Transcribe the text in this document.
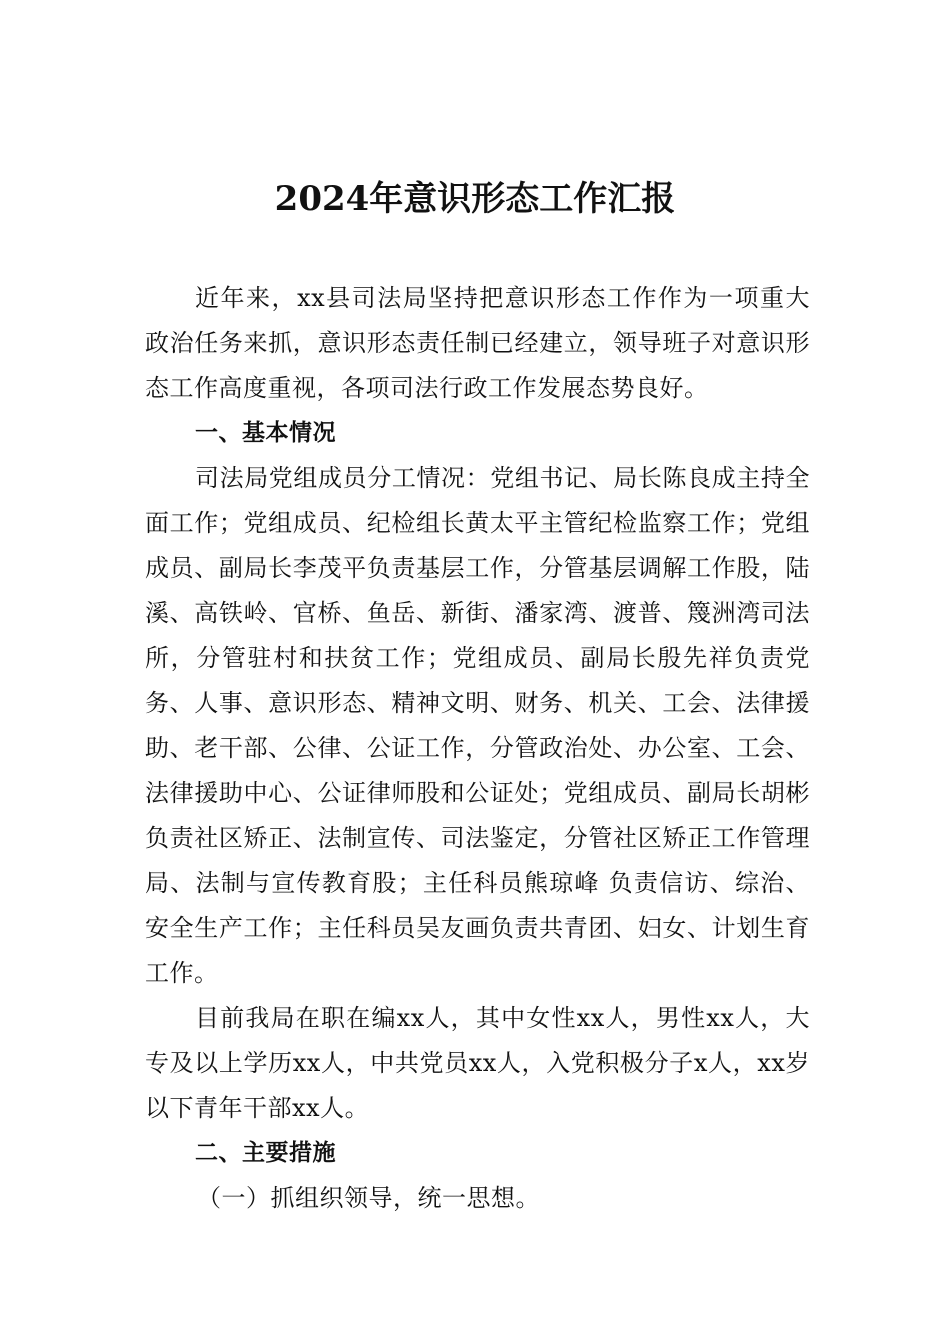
2024年意识形态工作汇报

近年来，xx县司法局坚持把意识形态工作作为一项重大政治任务来抓，意识形态责任制已经建立，领导班子对意识形态工作高度重视，各项司法行政工作发展态势良好。

一、基本情况

司法局党组成员分工情况：党组书记、局长陈良成主持全面工作；党组成员、纪检组长黄太平主管纪检监察工作；党组成员、副局长李茂平负责基层工作，分管基层调解工作股，陆溪、高铁岭、官桥、鱼岳、新街、潘家湾、渡普、篾洲湾司法所，分管驻村和扶贫工作；党组成员、副局长殷先祥负责党务、人事、意识形态、精神文明、财务、机关、工会、法律援助、老干部、公律、公证工作，分管政治处、办公室、工会、法律援助中心、公证律师股和公证处；党组成员、副局长胡彬负责社区矫正、法制宣传、司法鉴定，分管社区矫正工作管理局、法制与宣传教育股；主任科员熊琼峰 负责信访、综治、安全生产工作；主任科员吴友画负责共青团、妇女、计划生育工作。

目前我局在职在编xx人，其中女性xx人，男性xx人，大专及以上学历xx人，中共党员xx人，入党积极分子x人，xx岁以下青年干部xx人。

二、主要措施

（一）抓组织领导，统一思想。
